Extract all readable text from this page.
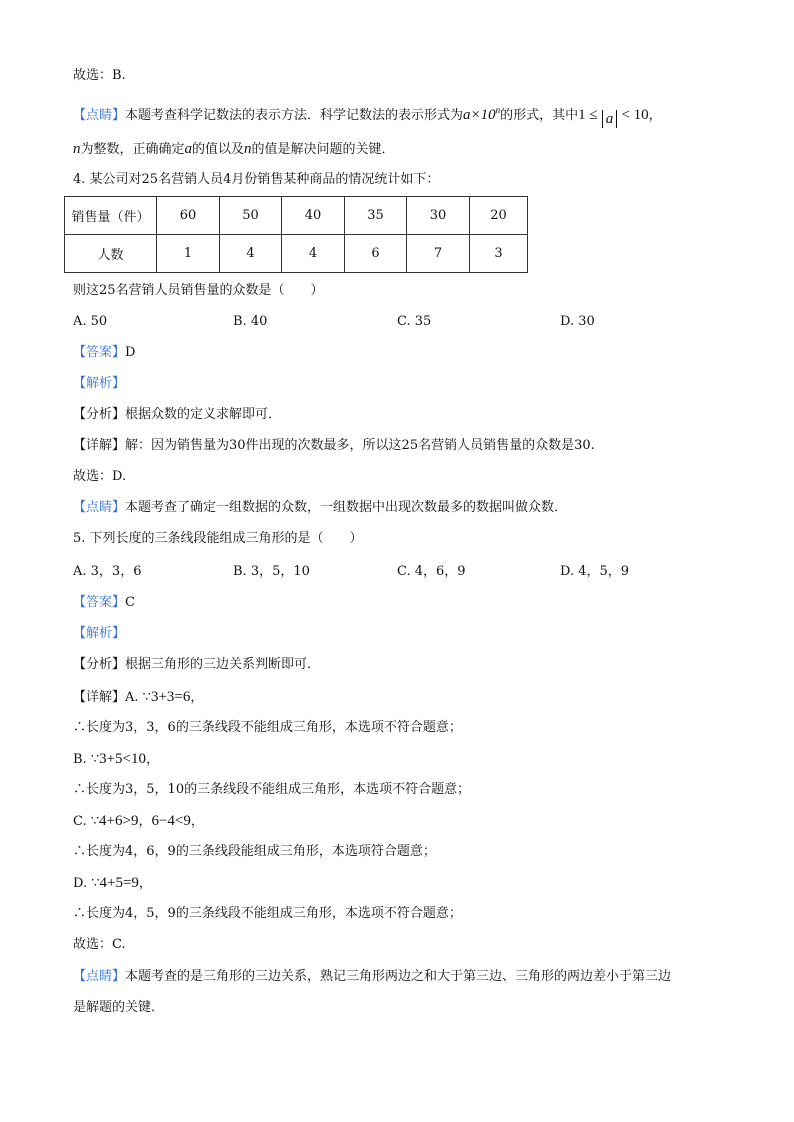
故选：B.
【点睛】本题考查科学记数法的表示方法．科学记数法的表示形式为$a\times 10^n$的形式，其中1 ≤ a < 10，
n为整数，正确确定a的值以及n的值是解决问题的关键．
4. 某公司对25名营销人员4月份销售某种商品的情况统计如下：
销售量（件）	60	50	40	35	30	20
人数	1	4	4	6	7	3
则这25名营销人员销售量的众数是（　　）
A. 50	B. 40	C. 35	D. 30
【答案】D
【解析】
【分析】根据众数的定义求解即可．
【详解】解：因为销售量为30件出现的次数最多，所以这25名营销人员销售量的众数是30.
故选：D.
【点睛】本题考查了确定一组数据的众数，一组数据中出现次数最多的数据叫做众数．
5. 下列长度的三条线段能组成三角形的是（　　）
A. 3，3，6	B. 3，5，10	C. 4，6，9	D. 4，5，9
【答案】C
【解析】
【分析】根据三角形的三边关系判断即可．
【详解】A. ∵3+3=6，
∴长度为3，3，6的三条线段不能组成三角形，本选项不符合题意；
B. ∵3+5<10，
∴长度为3，5，10的三条线段不能组成三角形，本选项不符合题意；
C. ∵4+6>9，6−4<9，
∴长度为4，6，9的三条线段能组成三角形，本选项符合题意；
D. ∵4+5=9，
∴长度为4，5，9的三条线段不能组成三角形，本选项不符合题意；
故选：C.
【点睛】本题考查的是三角形的三边关系，熟记三角形两边之和大于第三边、三角形的两边差小于第三边
是解题的关键．
